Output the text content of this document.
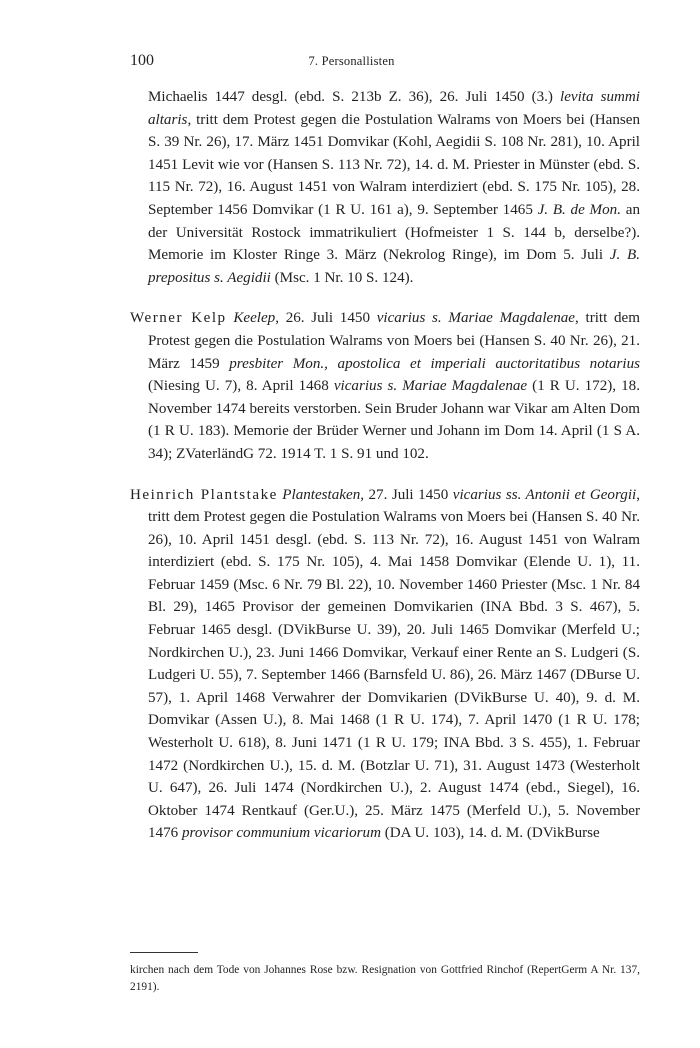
100	7. Personallisten
Michaelis 1447 desgl. (ebd. S. 213b Z. 36), 26. Juli 1450 (3.) levita summi altaris, tritt dem Protest gegen die Postulation Walrams von Moers bei (Hansen S. 39 Nr. 26), 17. März 1451 Domvikar (Kohl, Aegidii S. 108 Nr. 281), 10. April 1451 Levit wie vor (Hansen S. 113 Nr. 72), 14. d. M. Priester in Münster (ebd. S. 115 Nr. 72), 16. August 1451 von Walram interdiziert (ebd. S. 175 Nr. 105), 28. September 1456 Domvikar (1 R U. 161 a), 9. September 1465 J. B. de Mon. an der Universität Rostock immatrikuliert (Hofmeister 1 S. 144 b, derselbe?). Memorie im Kloster Ringe 3. März (Nekrolog Ringe), im Dom 5. Juli J. B. prepositus s. Aegidii (Msc. 1 Nr. 10 S. 124).
Werner Kelp Keelep, 26. Juli 1450 vicarius s. Mariae Magdalenae, tritt dem Protest gegen die Postulation Walrams von Moers bei (Hansen S. 40 Nr. 26), 21. März 1459 presbiter Mon., apostolica et imperiali auctoritatibus notarius (Niesing U. 7), 8. April 1468 vicarius s. Mariae Magdalenae (1 R U. 172), 18. November 1474 bereits verstorben. Sein Bruder Johann war Vikar am Alten Dom (1 R U. 183). Memorie der Brüder Werner und Johann im Dom 14. April (1 S A. 34); ZVaterländG 72. 1914 T. 1 S. 91 und 102.
Heinrich Plantstake Plantestaken, 27. Juli 1450 vicarius ss. Antonii et Georgii, tritt dem Protest gegen die Postulation Walrams von Moers bei (Hansen S. 40 Nr. 26), 10. April 1451 desgl. (ebd. S. 113 Nr. 72), 16. August 1451 von Walram interdiziert (ebd. S. 175 Nr. 105), 4. Mai 1458 Domvikar (Elende U. 1), 11. Februar 1459 (Msc. 6 Nr. 79 Bl. 22), 10. November 1460 Priester (Msc. 1 Nr. 84 Bl. 29), 1465 Provisor der gemeinen Domvikarien (INA Bbd. 3 S. 467), 5. Februar 1465 desgl. (DVikBurse U. 39), 20. Juli 1465 Domvikar (Merfeld U.; Nordkirchen U.), 23. Juni 1466 Domvikar, Verkauf einer Rente an S. Ludgeri (S. Ludgeri U. 55), 7. September 1466 (Barnsfeld U. 86), 26. März 1467 (DBurse U. 57), 1. April 1468 Verwahrer der Domvikarien (DVikBurse U. 40), 9. d. M. Domvikar (Assen U.), 8. Mai 1468 (1 R U. 174), 7. April 1470 (1 R U. 178; Westerholt U. 618), 8. Juni 1471 (1 R U. 179; INA Bbd. 3 S. 455), 1. Februar 1472 (Nordkirchen U.), 15. d. M. (Botzlar U. 71), 31. August 1473 (Westerholt U. 647), 26. Juli 1474 (Nordkirchen U.), 2. August 1474 (ebd., Siegel), 16. Oktober 1474 Rentkauf (Ger.U.), 25. März 1475 (Merfeld U.), 5. November 1476 provisor communium vicariorum (DA U. 103), 14. d. M. (DVikBurse
kirchen nach dem Tode von Johannes Rose bzw. Resignation von Gottfried Rinchof (RepertGerm A Nr. 137, 2191).
